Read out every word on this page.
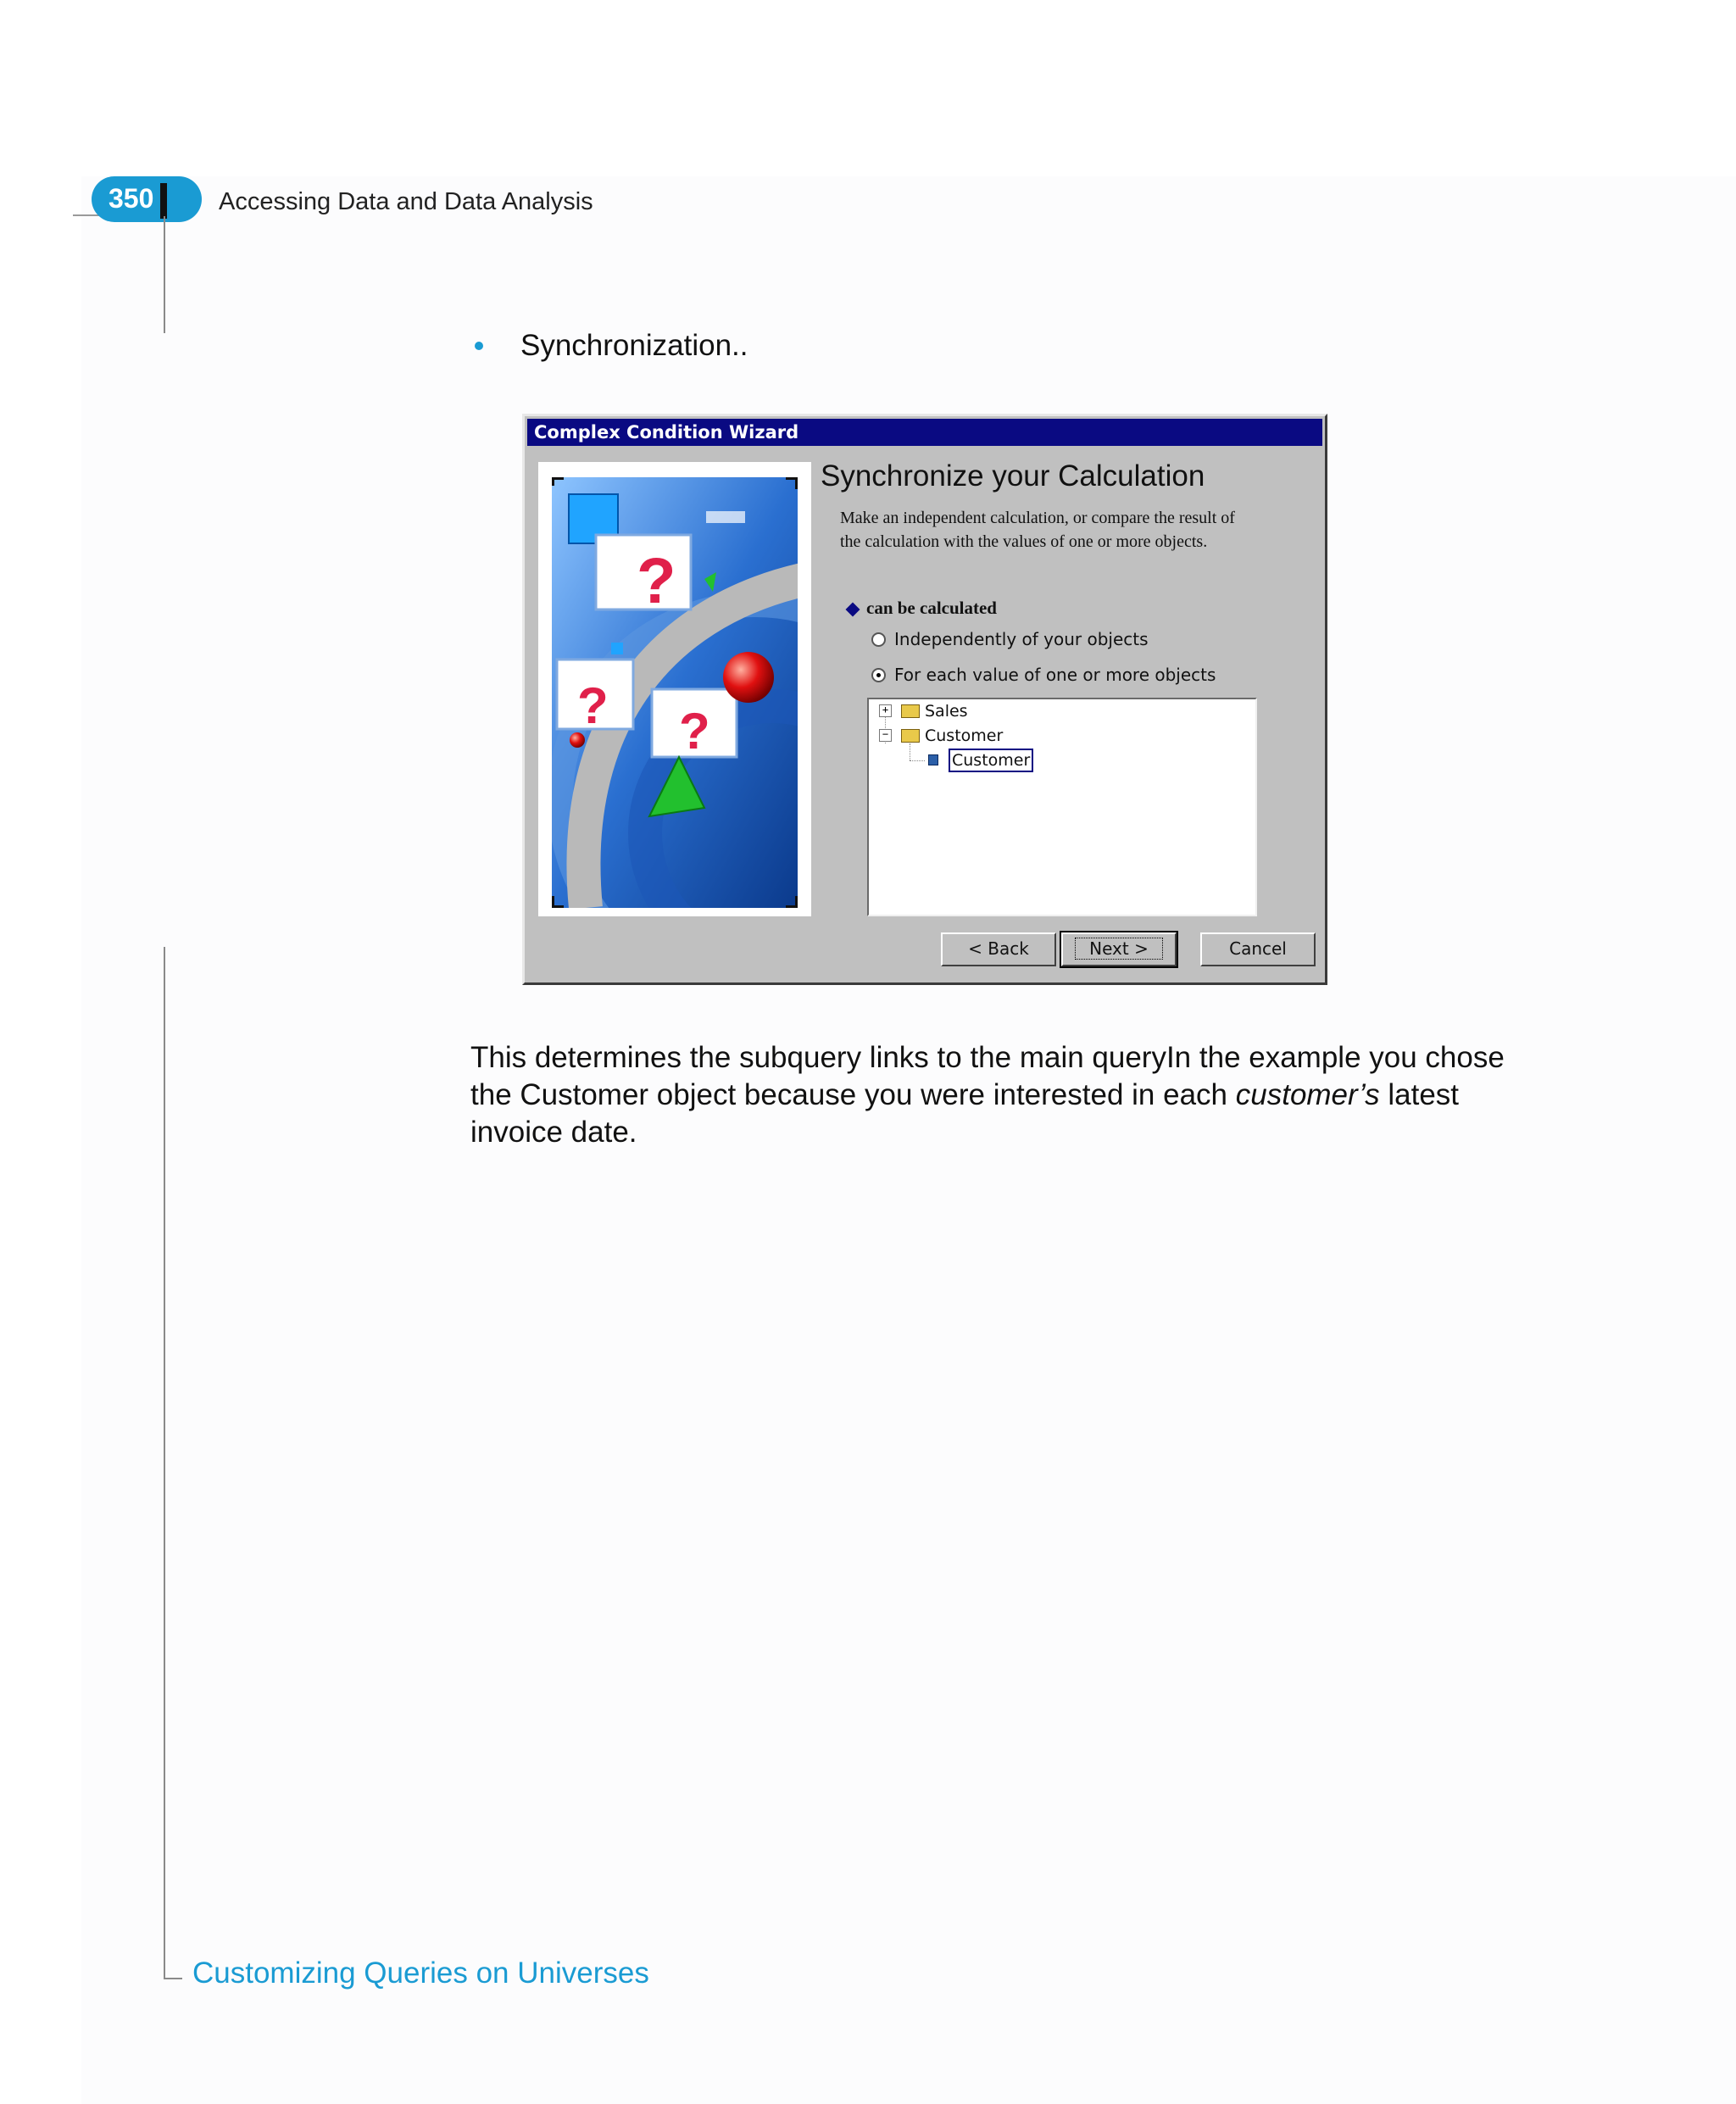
350	Accessing Data and Data Analysis
Synchronization..
Complex Condition Wizard
?
? ?
Synchronize your Calculation
Make an independent calculation, or compare the result of the calculation with the values of one or more objects.
can be calculated
Independently of your objects
For each value of one or more objects
+ Sales
− Customer
Customer
< Back	Next >	Cancel
This determines the subquery links to the main queryIn the example you chose
the Customer object because you were interested in each customer’s latest
invoice date.
Customizing Queries on Universes
